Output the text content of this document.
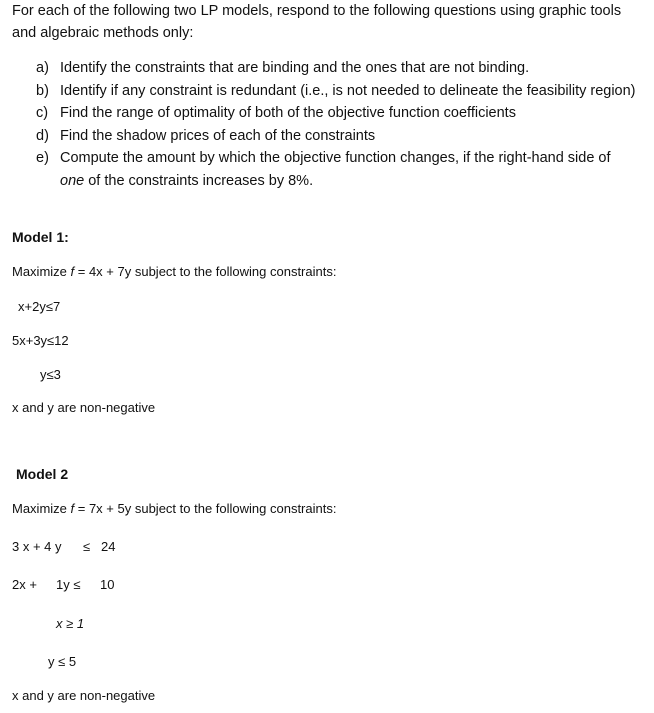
For each of the following two LP models, respond to the following questions using graphic tools and algebraic methods only:
a) Identify the constraints that are binding and the ones that are not binding.
b) Identify if any constraint is redundant (i.e., is not needed to delineate the feasibility region)
c) Find the range of optimality of both of the objective function coefficients
d) Find the shadow prices of each of the constraints
e) Compute the amount by which the objective function changes, if the right-hand side of one of the constraints increases by 8%.
Model 1:
Maximize f = 4x + 7y subject to the following constraints:
x+2y≤7
5x+3y≤12
y≤3
x and y are non-negative
Model 2
Maximize f = 7x + 5y subject to the following constraints:
3 x + 4 y ≤ 24
2x + 1y ≤ 10
x ≥ 1
y ≤ 5
x and y are non-negative
